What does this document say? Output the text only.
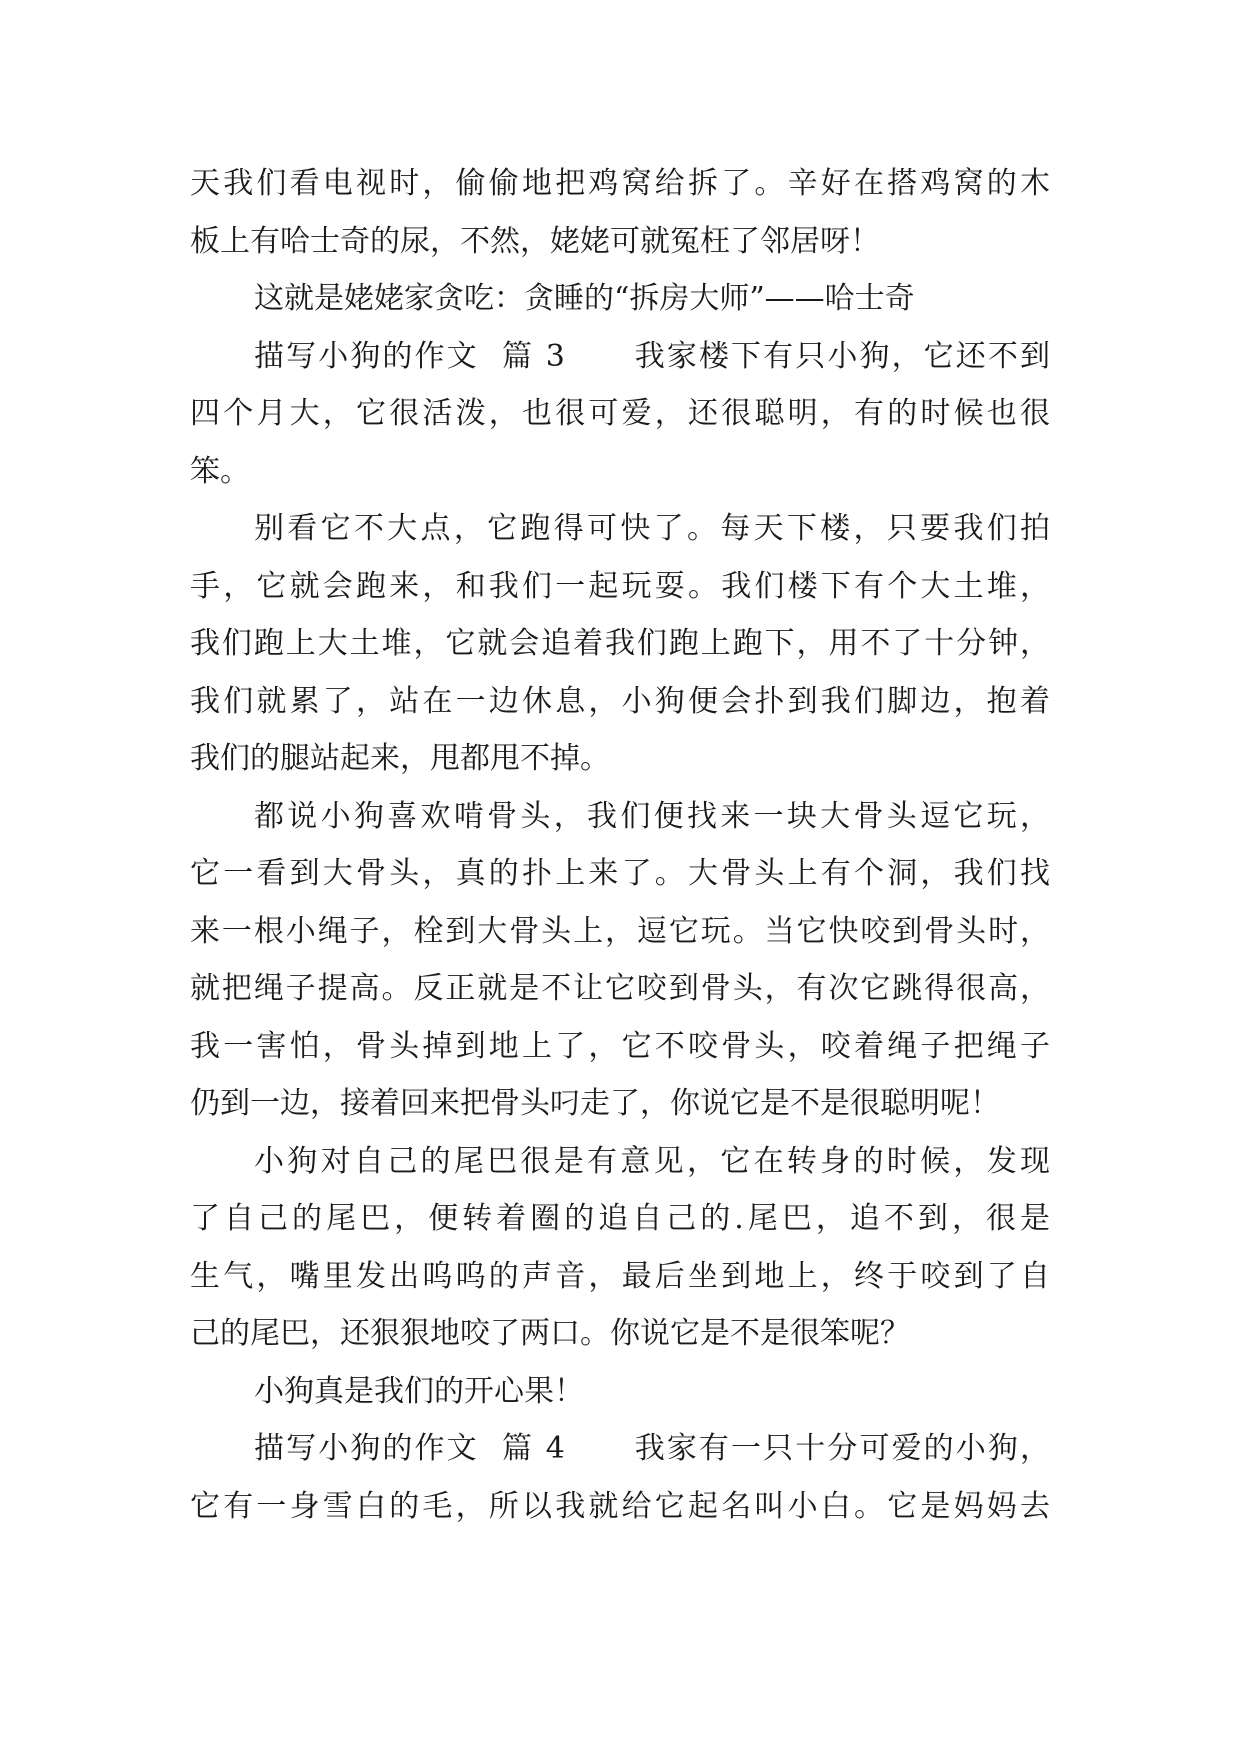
天我们看电视时，偷偷地把鸡窝给拆了。辛好在搭鸡窝的木
板上有哈士奇的尿，不然，姥姥可就冤枉了邻居呀！
这就是姥姥家贪吃：贪睡的“拆房大师”——哈士奇
描写小狗的作文  篇 3      我家楼下有只小狗，它还不到
四个月大，它很活泼，也很可爱，还很聪明，有的时候也很
笨。
别看它不大点，它跑得可快了。每天下楼，只要我们拍
手，它就会跑来，和我们一起玩耍。我们楼下有个大土堆，
我们跑上大土堆，它就会追着我们跑上跑下，用不了十分钟，
我们就累了，站在一边休息，小狗便会扑到我们脚边，抱着
我们的腿站起来，甩都甩不掉。
都说小狗喜欢啃骨头，我们便找来一块大骨头逗它玩，
它一看到大骨头，真的扑上来了。大骨头上有个洞，我们找
来一根小绳子，栓到大骨头上，逗它玩。当它快咬到骨头时，
就把绳子提高。反正就是不让它咬到骨头，有次它跳得很高，
我一害怕，骨头掉到地上了，它不咬骨头，咬着绳子把绳子
仍到一边，接着回来把骨头叼走了，你说它是不是很聪明呢！
小狗对自己的尾巴很是有意见，它在转身的时候，发现
了自己的尾巴，便转着圈的追自己的.尾巴，追不到，很是
生气，嘴里发出呜呜的声音，最后坐到地上，终于咬到了自
己的尾巴，还狠狠地咬了两口。你说它是不是很笨呢？
小狗真是我们的开心果！
描写小狗的作文  篇 4      我家有一只十分可爱的小狗，
它有一身雪白的毛，所以我就给它起名叫小白。它是妈妈去
